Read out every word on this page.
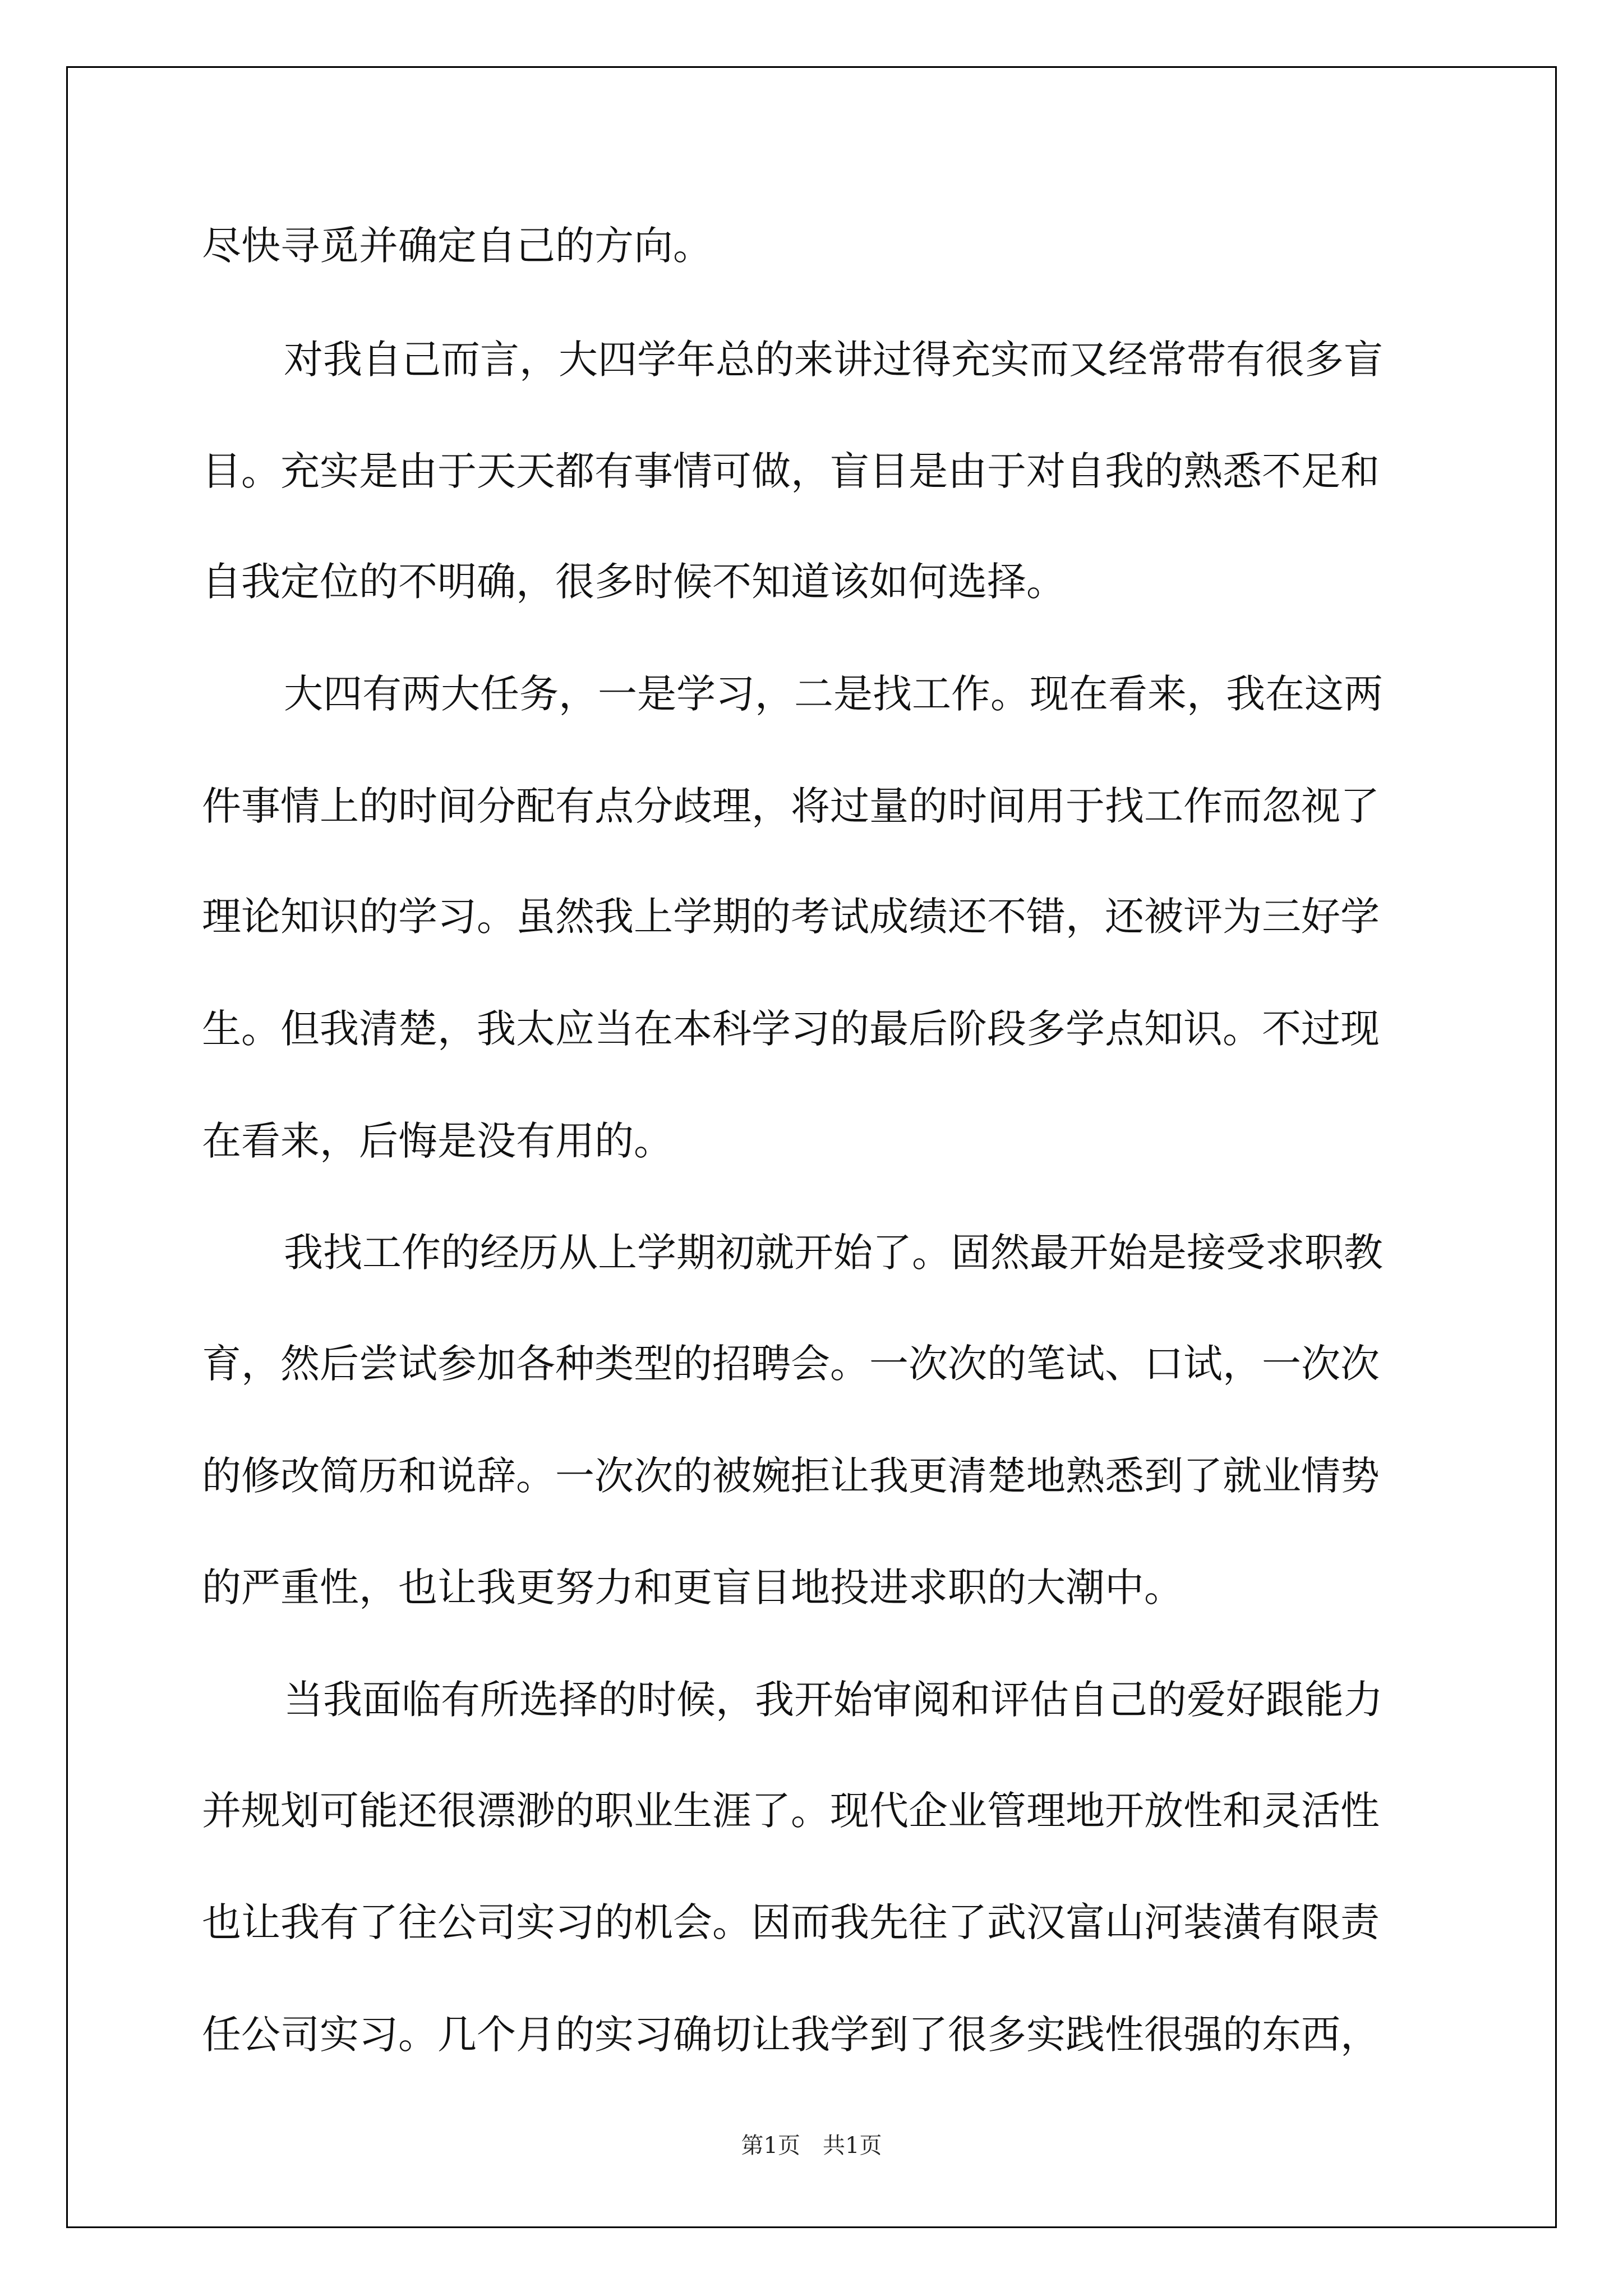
尽快寻觅并确定自己的方向。

对我自己而言，大四学年总的来讲过得充实而又经常带有很多盲

目。充实是由于天天都有事情可做，盲目是由于对自我的熟悉不足和

自我定位的不明确，很多时候不知道该如何选择。

大四有两大任务，一是学习，二是找工作。现在看来，我在这两

件事情上的时间分配有点分歧理，将过量的时间用于找工作而忽视了

理论知识的学习。虽然我上学期的考试成绩还不错，还被评为三好学

生。但我清楚，我太应当在本科学习的最后阶段多学点知识。不过现

在看来，后悔是没有用的。

我找工作的经历从上学期初就开始了。固然最开始是接受求职教

育，然后尝试参加各种类型的招聘会。一次次的笔试、口试，一次次

的修改简历和说辞。一次次的被婉拒让我更清楚地熟悉到了就业情势

的严重性，也让我更努力和更盲目地投进求职的大潮中。

当我面临有所选择的时候，我开始审阅和评估自己的爱好跟能力

并规划可能还很漂渺的职业生涯了。现代企业管理地开放性和灵活性

也让我有了往公司实习的机会。因而我先往了武汉富山河装潢有限责

任公司实习。几个月的实习确切让我学到了很多实践性很强的东西，

第1页　共1页
